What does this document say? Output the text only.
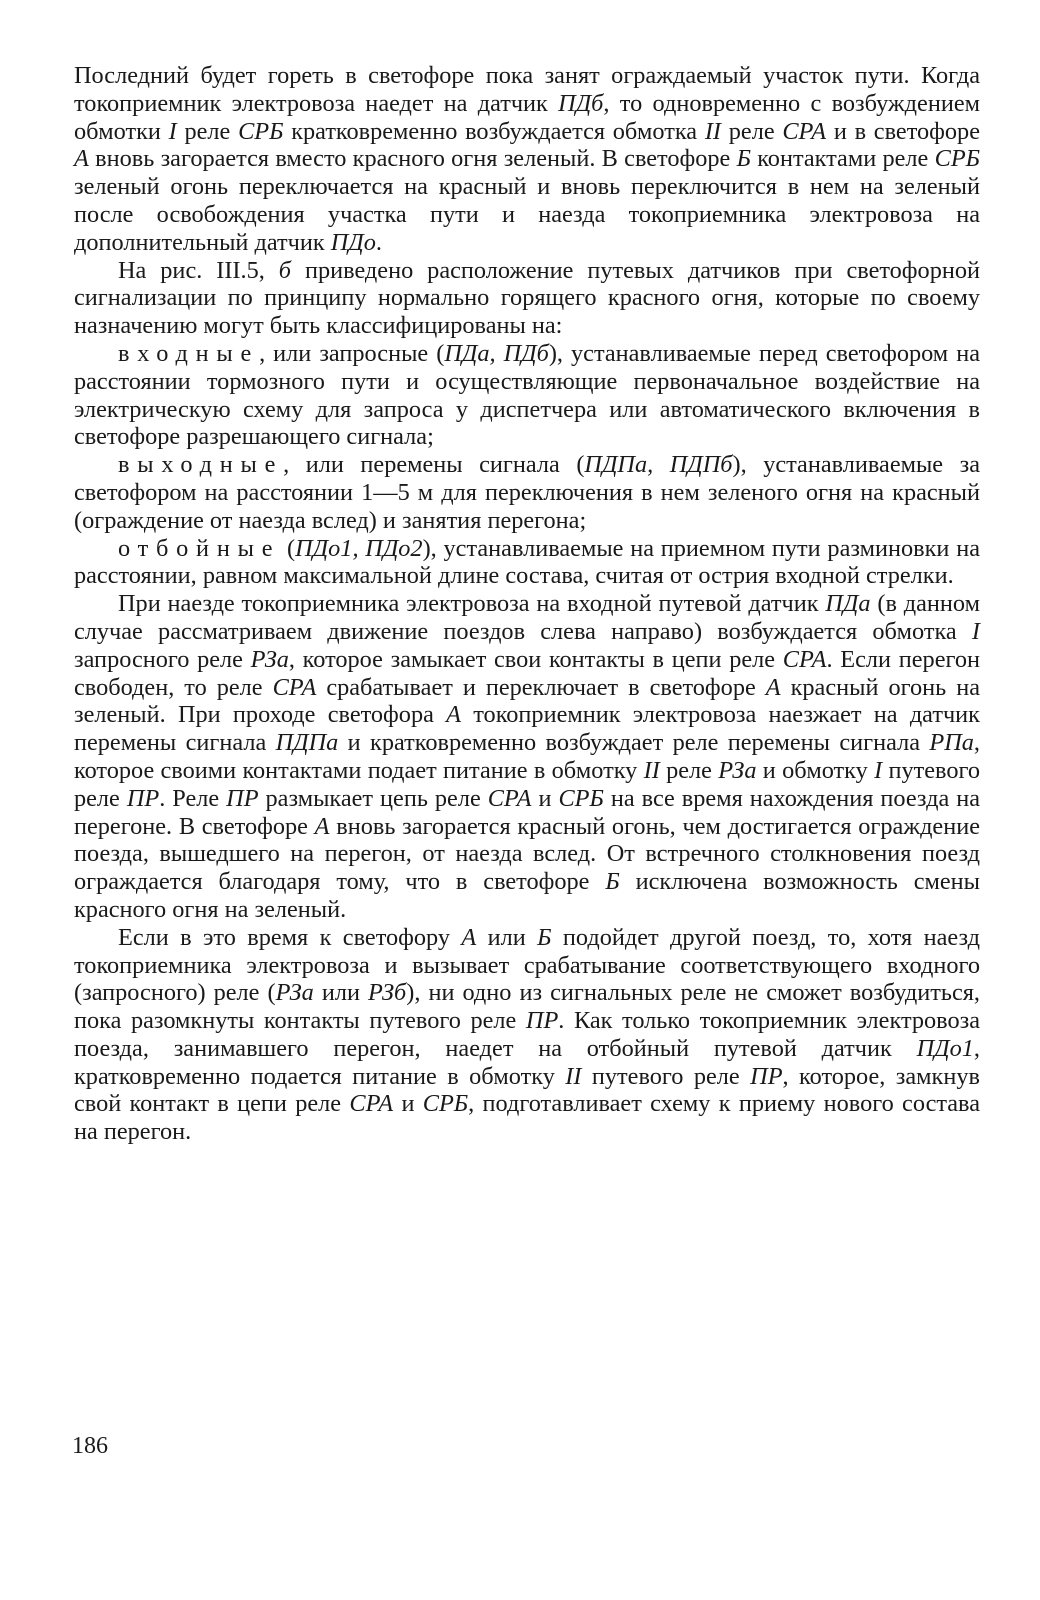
Последний будет гореть в светофоре пока занят ограждаемый участок пути. Когда токоприемник электровоза наедет на датчик ПДб, то одновременно с возбуждением обмотки I реле СРБ кратковременно возбуждается обмотка II реле СРА и в светофоре А вновь загорается вместо красного огня зеленый. В светофоре Б контактами реле СРБ зеленый огонь переключается на красный и вновь переключится в нем на зеленый после освобождения участка пути и наезда токоприемника электровоза на дополнительный датчик ПДо.

На рис. III.5, б приведено расположение путевых датчиков при светофорной сигнализации по принципу нормально горящего красного огня, которые по своему назначению могут быть классифицированы на:

входные, или запросные (ПДа, ПДб), устанавливаемые перед светофором на расстоянии тормозного пути и осуществляющие первоначальное воздействие на электрическую схему для запроса у диспетчера или автоматического включения в светофоре разрешающего сигнала;

выходные, или перемены сигнала (ПДПа, ПДПб), устанавливаемые за светофором на расстоянии 1—5 м для переключения в нем зеленого огня на красный (ограждение от наезда вслед) и занятия перегона;

отбойные (ПДо1, ПДо2), устанавливаемые на приемном пути разминовки на расстоянии, равном максимальной длине состава, считая от острия входной стрелки.

При наезде токоприемника электровоза на входной путевой датчик ПДа (в данном случае рассматриваем движение поездов слева направо) возбуждается обмотка I запросного реле РЗа, которое замыкает свои контакты в цепи реле СРА. Если перегон свободен, то реле СРА срабатывает и переключает в светофоре А красный огонь на зеленый. При проходе светофора А токоприемник электровоза наезжает на датчик перемены сигнала ПДПа и кратковременно возбуждает реле перемены сигнала РПа, которое своими контактами подает питание в обмотку II реле РЗа и обмотку I путевого реле ПР. Реле ПР размыкает цепь реле СРА и СРБ на все время нахождения поезда на перегоне. В светофоре А вновь загорается красный огонь, чем достигается ограждение поезда, вышедшего на перегон, от наезда вслед. От встречного столкновения поезд ограждается благодаря тому, что в светофоре Б исключена возможность смены красного огня на зеленый.

Если в это время к светофору А или Б подойдет другой поезд, то, хотя наезд токоприемника электровоза и вызывает срабатывание соответствующего входного (запросного) реле (РЗа или РЗб), ни одно из сигнальных реле не сможет возбудиться, пока разомкнуты контакты путевого реле ПР. Как только токоприемник электровоза поезда, занимавшего перегон, наедет на отбойный путевой датчик ПДо1, кратковременно подается питание в обмотку II путевого реле ПР, которое, замкнув свой контакт в цепи реле СРА и СРБ, подготавливает схему к приему нового состава на перегон.

186
